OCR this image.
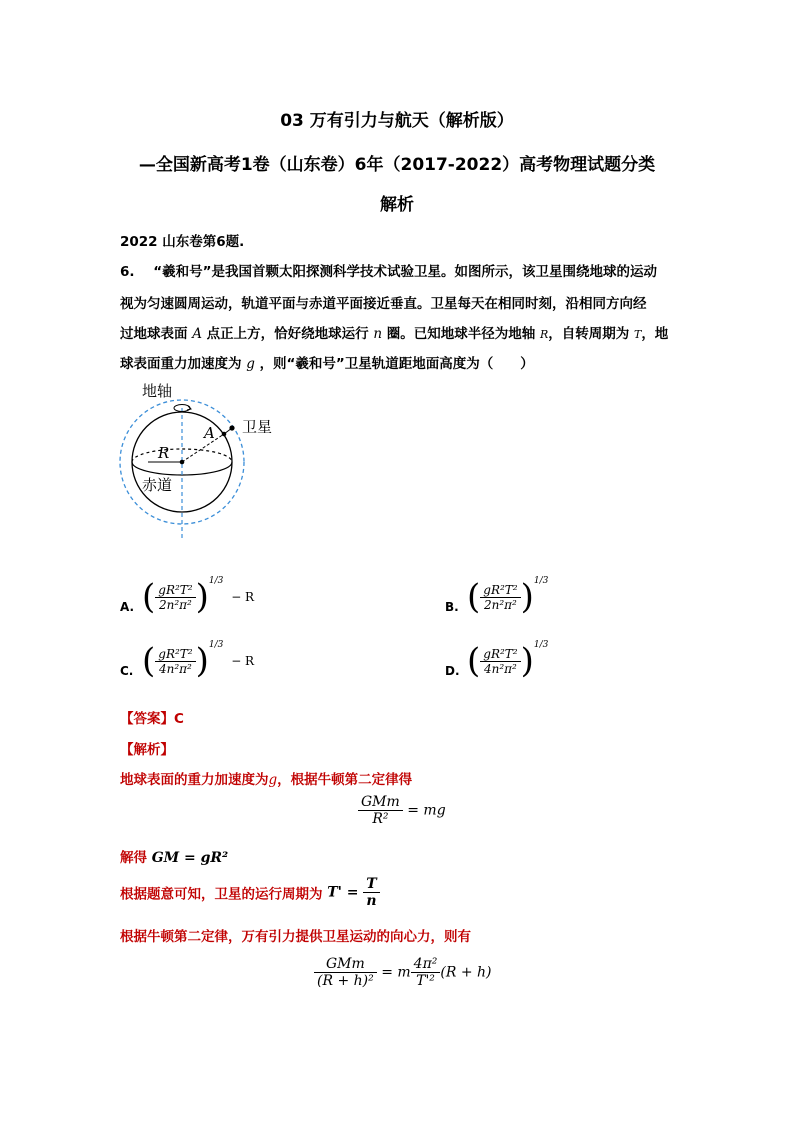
03 万有引力与航天（解析版）
—全国新高考1卷（山东卷）6年（2017-2022）高考物理试题分类
解析
2022 山东卷第6题.
6. “羲和号”是我国首颗太阳探测科学技术试验卫星。如图所示，该卫星围绕地球的运动
视为匀速圆周运动，轨道平面与赤道平面接近垂直。卫星每天在相同时刻，沿相同方向经
过地球表面 A 点正上方，恰好绕地球运行 n 圈。已知地球半径为地轴 R，自转周期为 T，地
球表面重力加速度为 g ，则“羲和号”卫星轨道距地面高度为（　　）
地轴
卫星
A
R
赤道
A. ( $\frac{\text{gR²T²}}{\text{2n²π²}} )^{1/3} - R$
B. ( $\frac{\text{gR²T²}}{\text{2n²π²}} )^{1/3}$
C. ( $\frac{\text{gR²T²}}{\text{4n²π²}} )^{1/3} - R$
D. ( $\frac{\text{gR²T²}}{\text{4n²π²}} )^{1/3}$
【答案】C
【解析】
地球表面的重力加速度为g，根据牛顿第二定律得
$\frac{\text{GMm}}{\text{R²}}$ = mg
解得 GM = gR²
根据题意可知，卫星的运行周期为 $T' = \frac{T}{n}$
根据牛顿第二定律，万有引力提供卫星运动的向心力，则有
$\frac{\text{GMm}}{\text{(R + h)²}} = m \frac{\text{4π²}}{\text{T'²}} (R + h)$
